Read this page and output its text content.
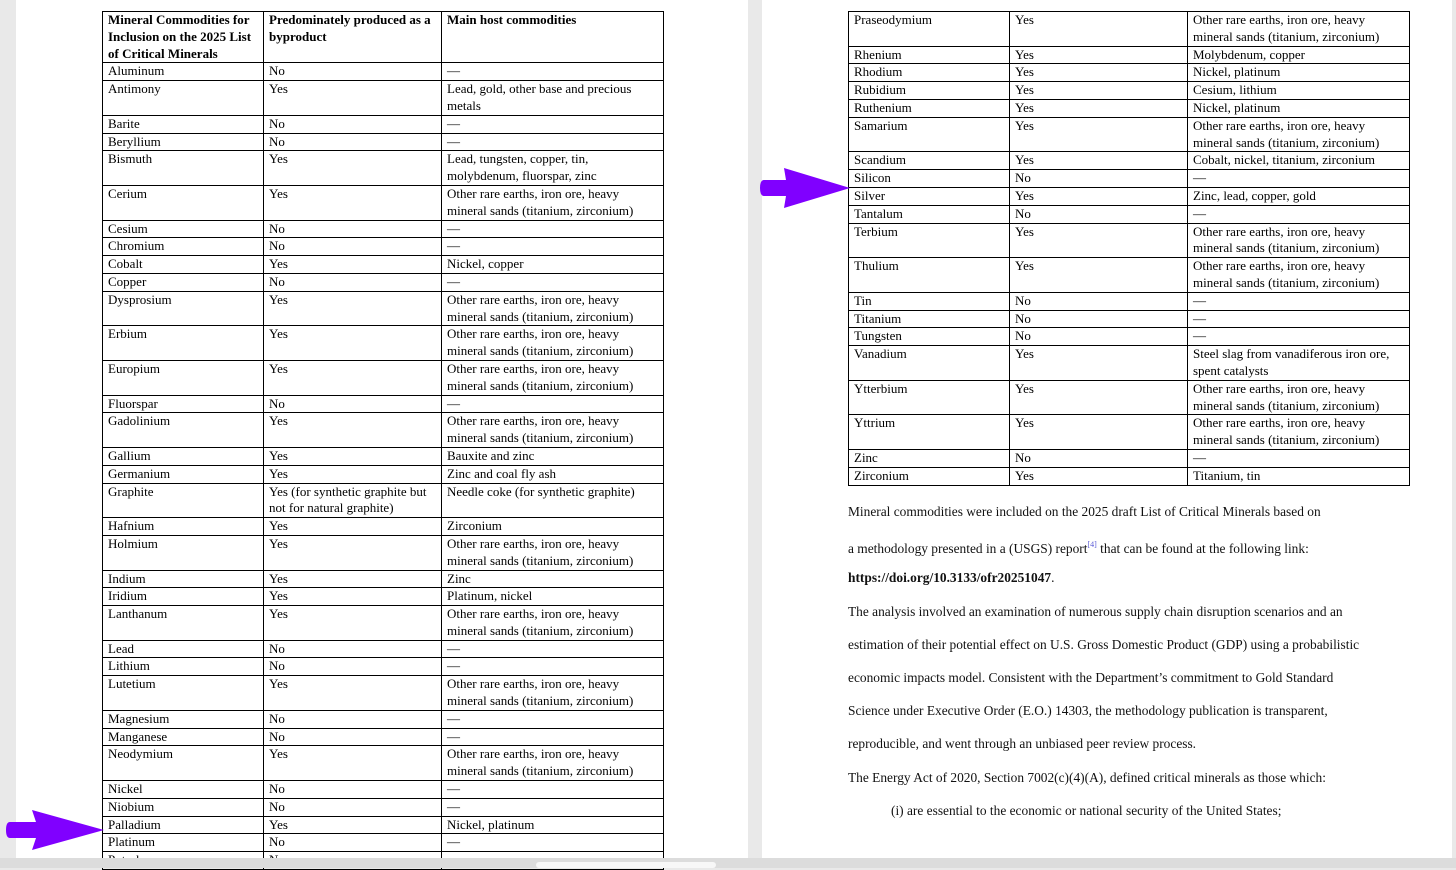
Mineral Commodities for Inclusion on the 2025 List of Critical Minerals	Predominately produced as a byproduct	Main host commodities
Aluminum	No	—
Antimony	Yes	Lead, gold, other base and precious metals
Barite	No	—
Beryllium	No	—
Bismuth	Yes	Lead, tungsten, copper, tin, molybdenum, fluorspar, zinc
Cerium	Yes	Other rare earths, iron ore, heavy mineral sands (titanium, zirconium)
Cesium	No	—
Chromium	No	—
Cobalt	Yes	Nickel, copper
Copper	No	—
Dysprosium	Yes	Other rare earths, iron ore, heavy mineral sands (titanium, zirconium)
Erbium	Yes	Other rare earths, iron ore, heavy mineral sands (titanium, zirconium)
Europium	Yes	Other rare earths, iron ore, heavy mineral sands (titanium, zirconium)
Fluorspar	No	—
Gadolinium	Yes	Other rare earths, iron ore, heavy mineral sands (titanium, zirconium)
Gallium	Yes	Bauxite and zinc
Germanium	Yes	Zinc and coal fly ash
Graphite	Yes (for synthetic graphite but not for natural graphite)	Needle coke (for synthetic graphite)
Hafnium	Yes	Zirconium
Holmium	Yes	Other rare earths, iron ore, heavy mineral sands (titanium, zirconium)
Indium	Yes	Zinc
Iridium	Yes	Platinum, nickel
Lanthanum	Yes	Other rare earths, iron ore, heavy mineral sands (titanium, zirconium)
Lead	No	—
Lithium	No	—
Lutetium	Yes	Other rare earths, iron ore, heavy mineral sands (titanium, zirconium)
Magnesium	No	—
Manganese	No	—
Neodymium	Yes	Other rare earths, iron ore, heavy mineral sands (titanium, zirconium)
Nickel	No	—
Niobium	No	—
Palladium	Yes	Nickel, platinum
Platinum	No	—

Praseodymium	Yes	Other rare earths, iron ore, heavy mineral sands (titanium, zirconium)
Rhenium	Yes	Molybdenum, copper
Rhodium	Yes	Nickel, platinum
Rubidium	Yes	Cesium, lithium
Ruthenium	Yes	Nickel, platinum
Samarium	Yes	Other rare earths, iron ore, heavy mineral sands (titanium, zirconium)
Scandium	Yes	Cobalt, nickel, titanium, zirconium
Silicon	No	—
Silver	Yes	Zinc, lead, copper, gold
Tantalum	No	—
Terbium	Yes	Other rare earths, iron ore, heavy mineral sands (titanium, zirconium)
Thulium	Yes	Other rare earths, iron ore, heavy mineral sands (titanium, zirconium)
Tin	No	—
Titanium	No	—
Tungsten	No	—
Vanadium	Yes	Steel slag from vanadiferous iron ore, spent catalysts
Ytterbium	Yes	Other rare earths, iron ore, heavy mineral sands (titanium, zirconium)
Yttrium	Yes	Other rare earths, iron ore, heavy mineral sands (titanium, zirconium)
Zinc	No	—
Zirconium	Yes	Titanium, tin

Mineral commodities were included on the 2025 draft List of Critical Minerals based on

a methodology presented in a (USGS) report[4] that can be found at the following link:

https://doi.org/10.3133/ofr20251047.

The analysis involved an examination of numerous supply chain disruption scenarios and an

estimation of their potential effect on U.S. Gross Domestic Product (GDP) using a probabilistic

economic impacts model. Consistent with the Department’s commitment to Gold Standard

Science under Executive Order (E.O.) 14303, the methodology publication is transparent,

reproducible, and went through an unbiased peer review process.

The Energy Act of 2020, Section 7002(c)(4)(A), defined critical minerals as those which:

(i) are essential to the economic or national security of the United States;
